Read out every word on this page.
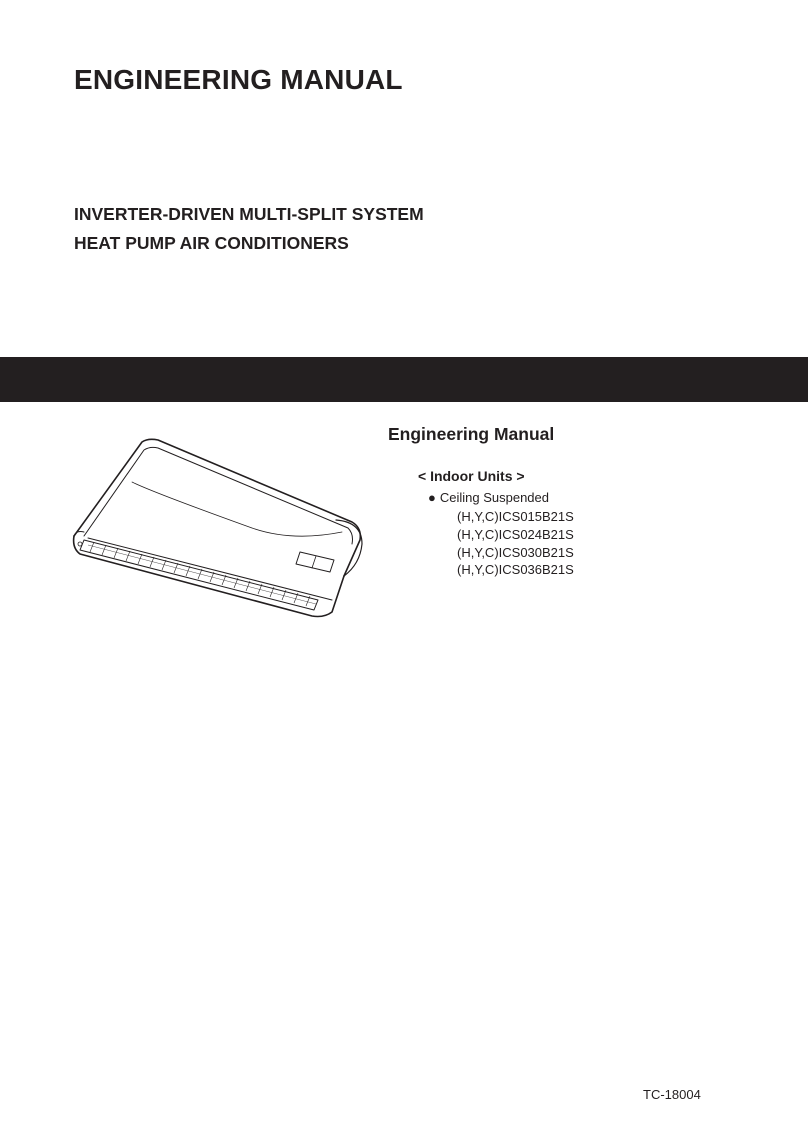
ENGINEERING MANUAL
INVERTER-DRIVEN MULTI-SPLIT SYSTEM
HEAT PUMP AIR CONDITIONERS
Engineering Manual
< Indoor Units >
● Ceiling Suspended
(H,Y,C)ICS015B21S
(H,Y,C)ICS024B21S
(H,Y,C)ICS030B21S
(H,Y,C)ICS036B21S
TC-18004
